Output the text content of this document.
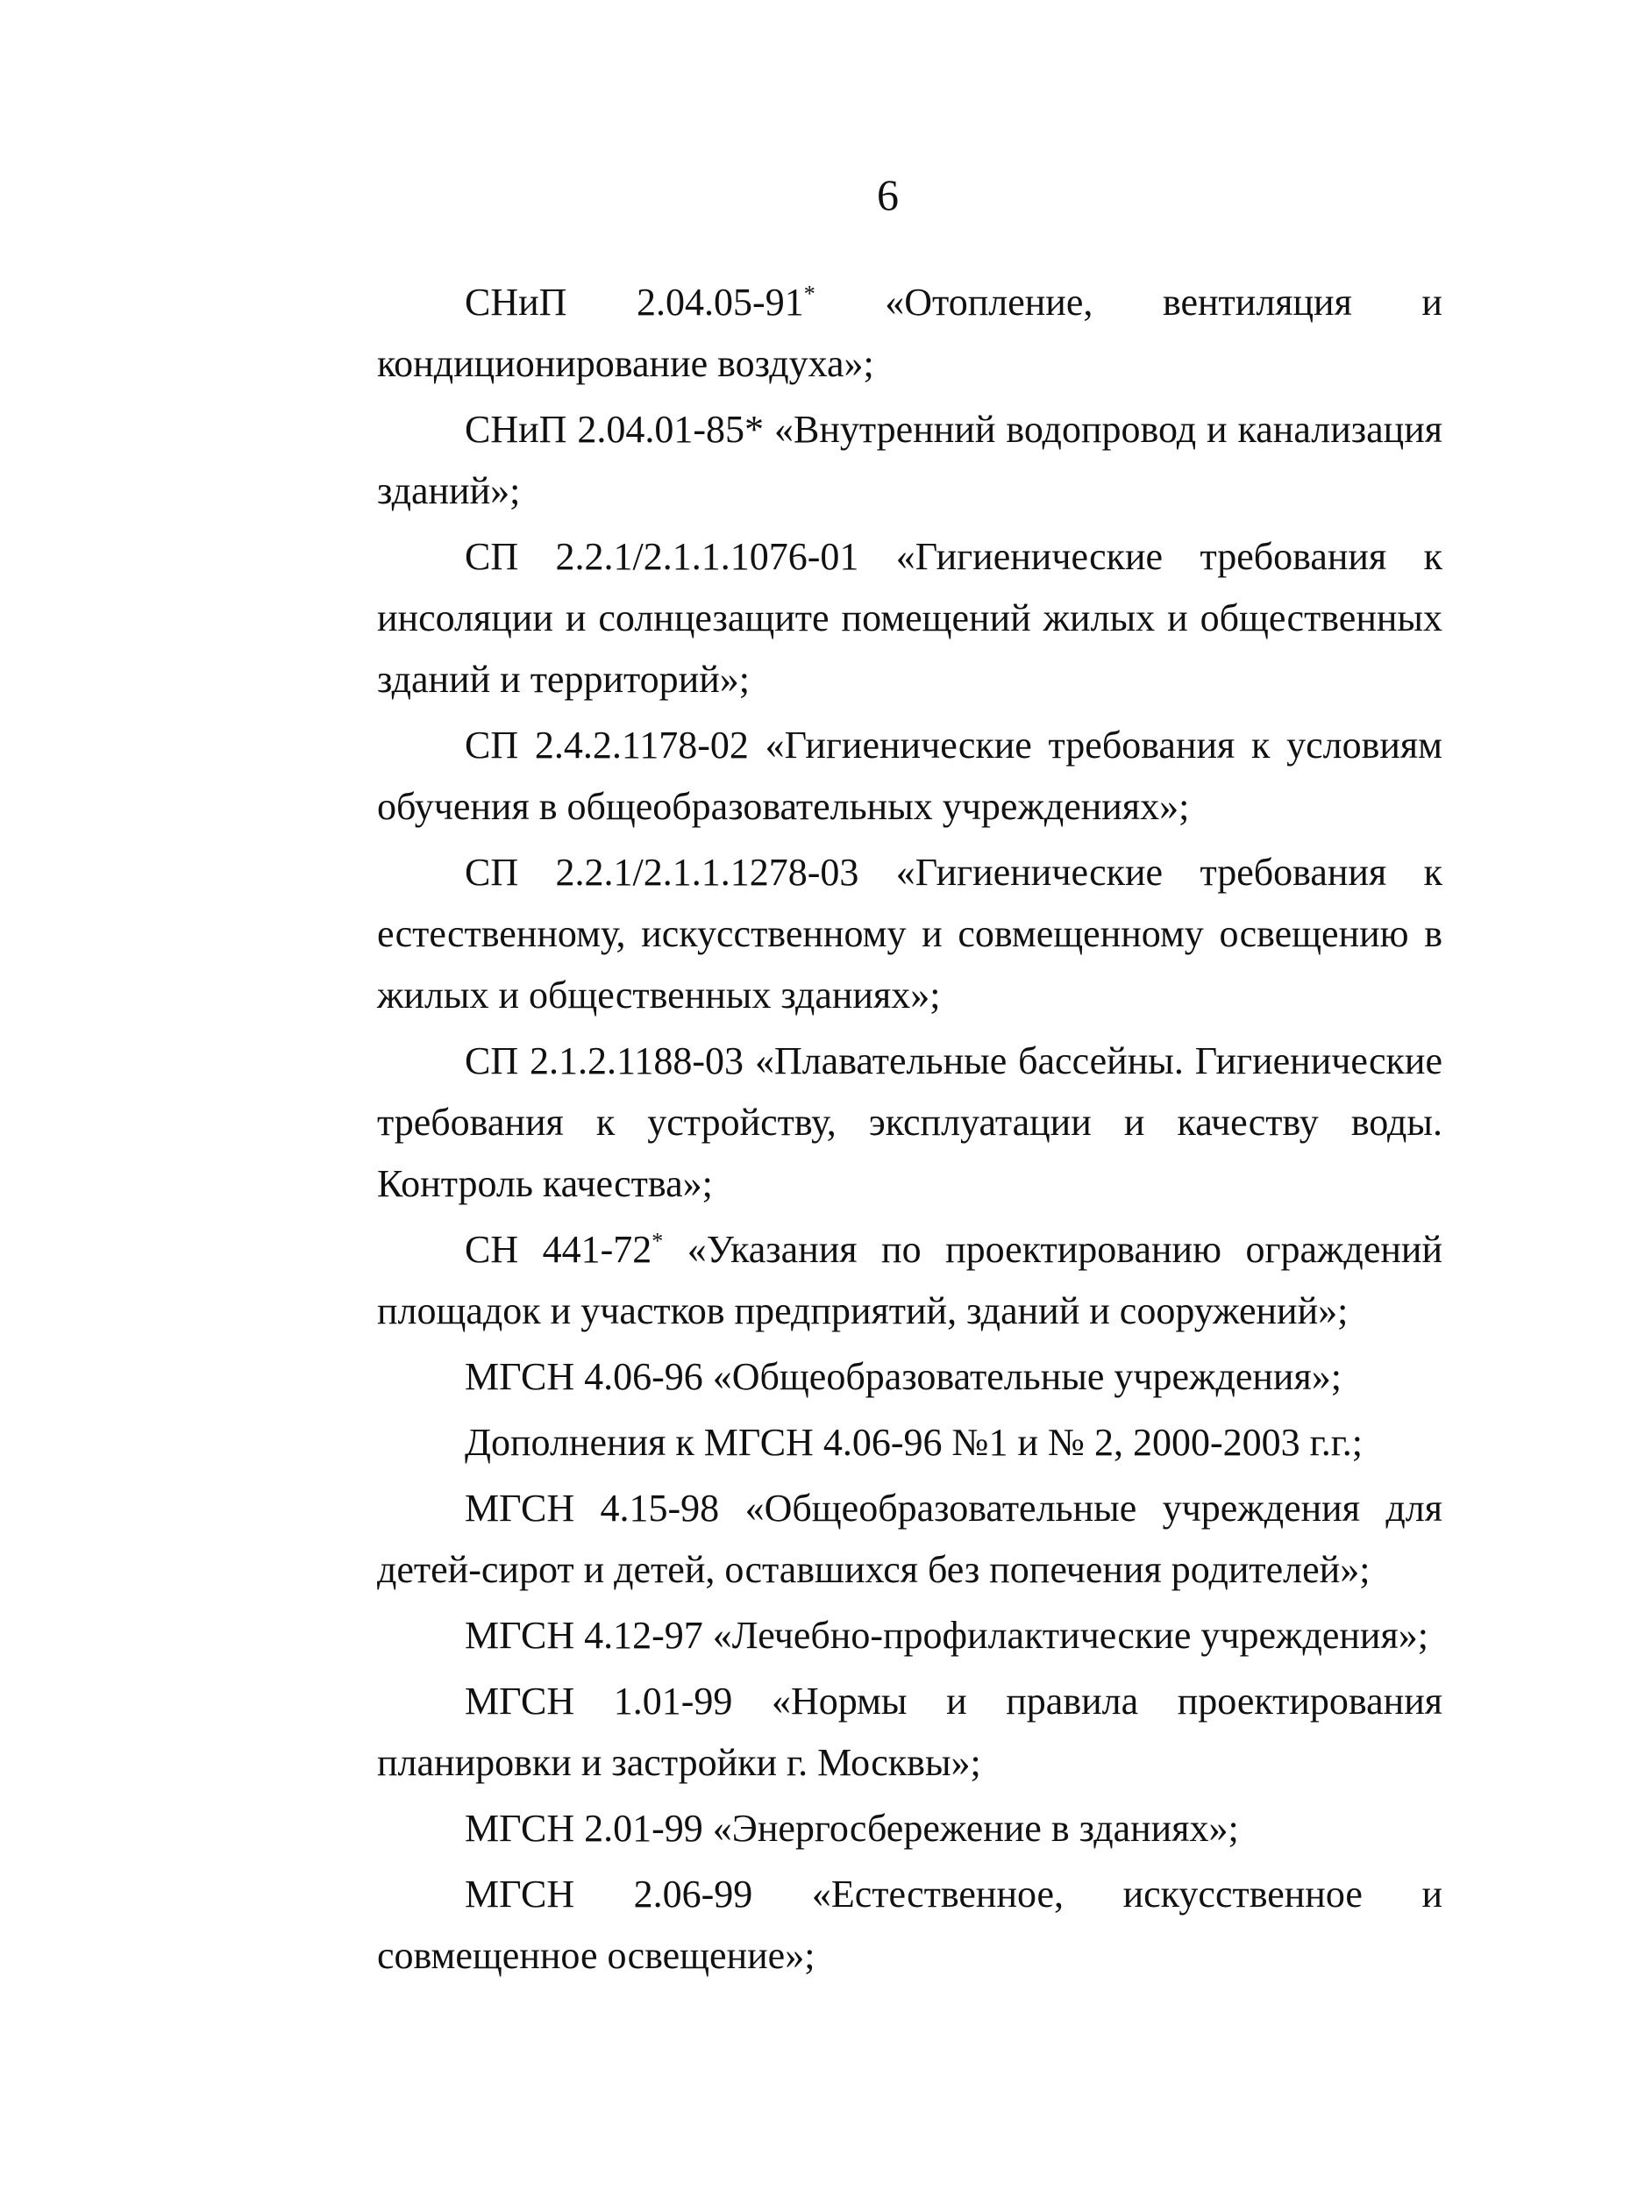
6

СНиП 2.04.05-91* «Отопление, вентиляция и кондиционирование воздуха»;

СНиП 2.04.01-85* «Внутренний водопровод и канализация зданий»;

СП 2.2.1/2.1.1.1076-01 «Гигиенические требования к инсоляции и солнцезащите помещений жилых и общественных зданий и территорий»;

СП 2.4.2.1178-02 «Гигиенические требования к условиям обучения в общеобразовательных учреждениях»;

СП 2.2.1/2.1.1.1278-03 «Гигиенические требования к естественному, искусственному и совмещенному освещению в жилых и общественных зданиях»;

СП 2.1.2.1188-03 «Плавательные бассейны. Гигиенические требования к устройству, эксплуатации и качеству воды. Контроль качества»;

СН 441-72* «Указания по проектированию ограждений площадок и участков предприятий, зданий и сооружений»;

МГСН 4.06-96 «Общеобразовательные учреждения»;

Дополнения к МГСН 4.06-96 №1 и № 2, 2000-2003 г.г.;

МГСН 4.15-98 «Общеобразовательные учреждения для детей-сирот и детей, оставшихся без попечения родителей»;

МГСН 4.12-97 «Лечебно-профилактические учреждения»;

МГСН 1.01-99 «Нормы и правила проектирования планировки и застройки г. Москвы»;

МГСН 2.01-99 «Энергосбережение в зданиях»;

МГСН 2.06-99 «Естественное, искусственное и совмещенное освещение»;
